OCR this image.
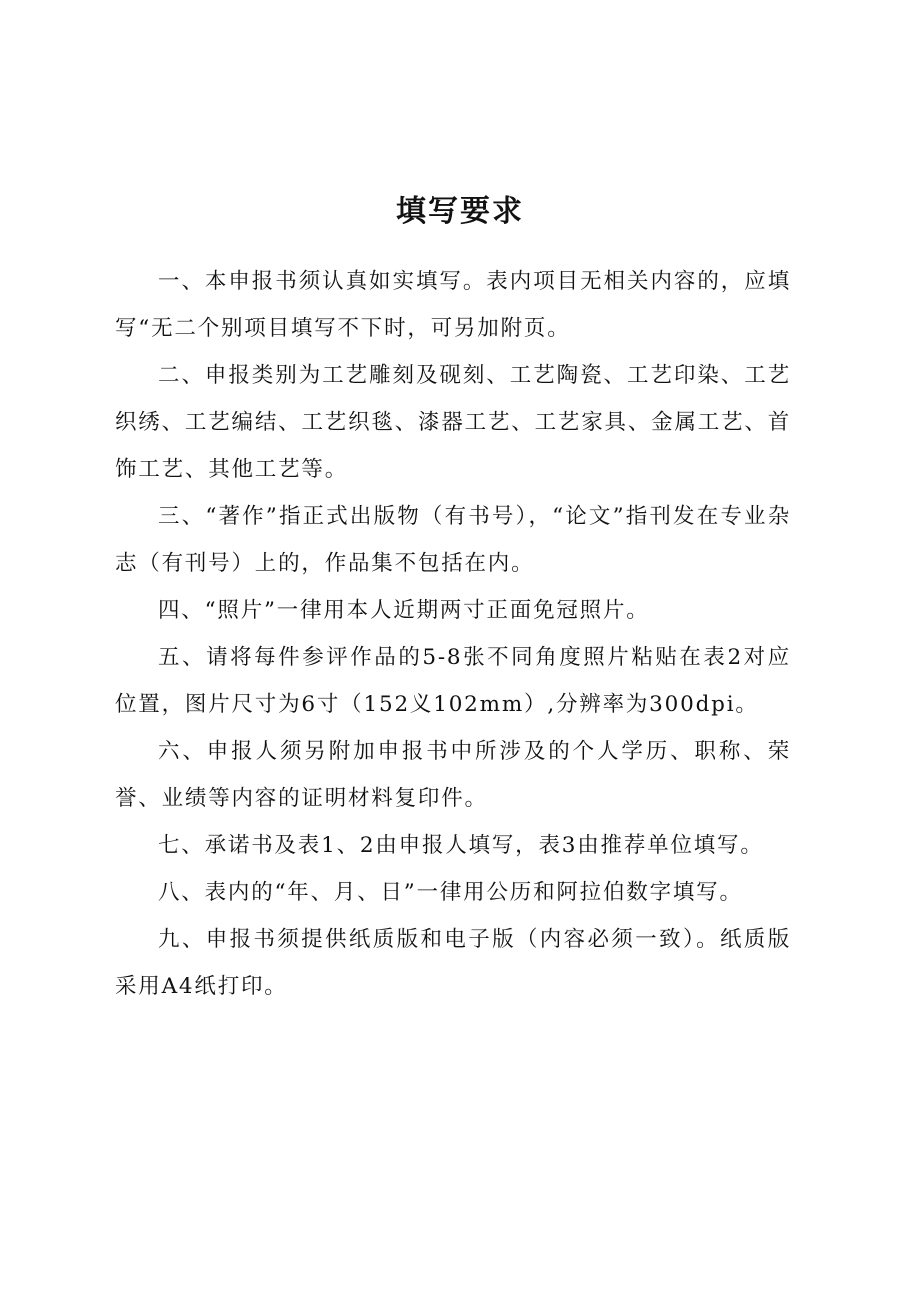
填写要求

一、本申报书须认真如实填写。表内项目无相关内容的，应填写“无二个别项目填写不下时，可另加附页。

二、申报类别为工艺雕刻及砚刻、工艺陶瓷、工艺印染、工艺织绣、工艺编结、工艺织毯、漆器工艺、工艺家具、金属工艺、首饰工艺、其他工艺等。

三、“著作”指正式出版物（有书号），“论文”指刊发在专业杂志（有刊号）上的，作品集不包括在内。

四、“照片”一律用本人近期两寸正面免冠照片。

五、请将每件参评作品的5-8张不同角度照片粘贴在表2对应位置，图片尺寸为6寸（152义102mm）,分辨率为300dpi。

六、申报人须另附加申报书中所涉及的个人学历、职称、荣誉、业绩等内容的证明材料复印件。

七、承诺书及表1、2由申报人填写，表3由推荐单位填写。

八、表内的“年、月、日”一律用公历和阿拉伯数字填写。

九、申报书须提供纸质版和电子版（内容必须一致）。纸质版采用A4纸打印。
